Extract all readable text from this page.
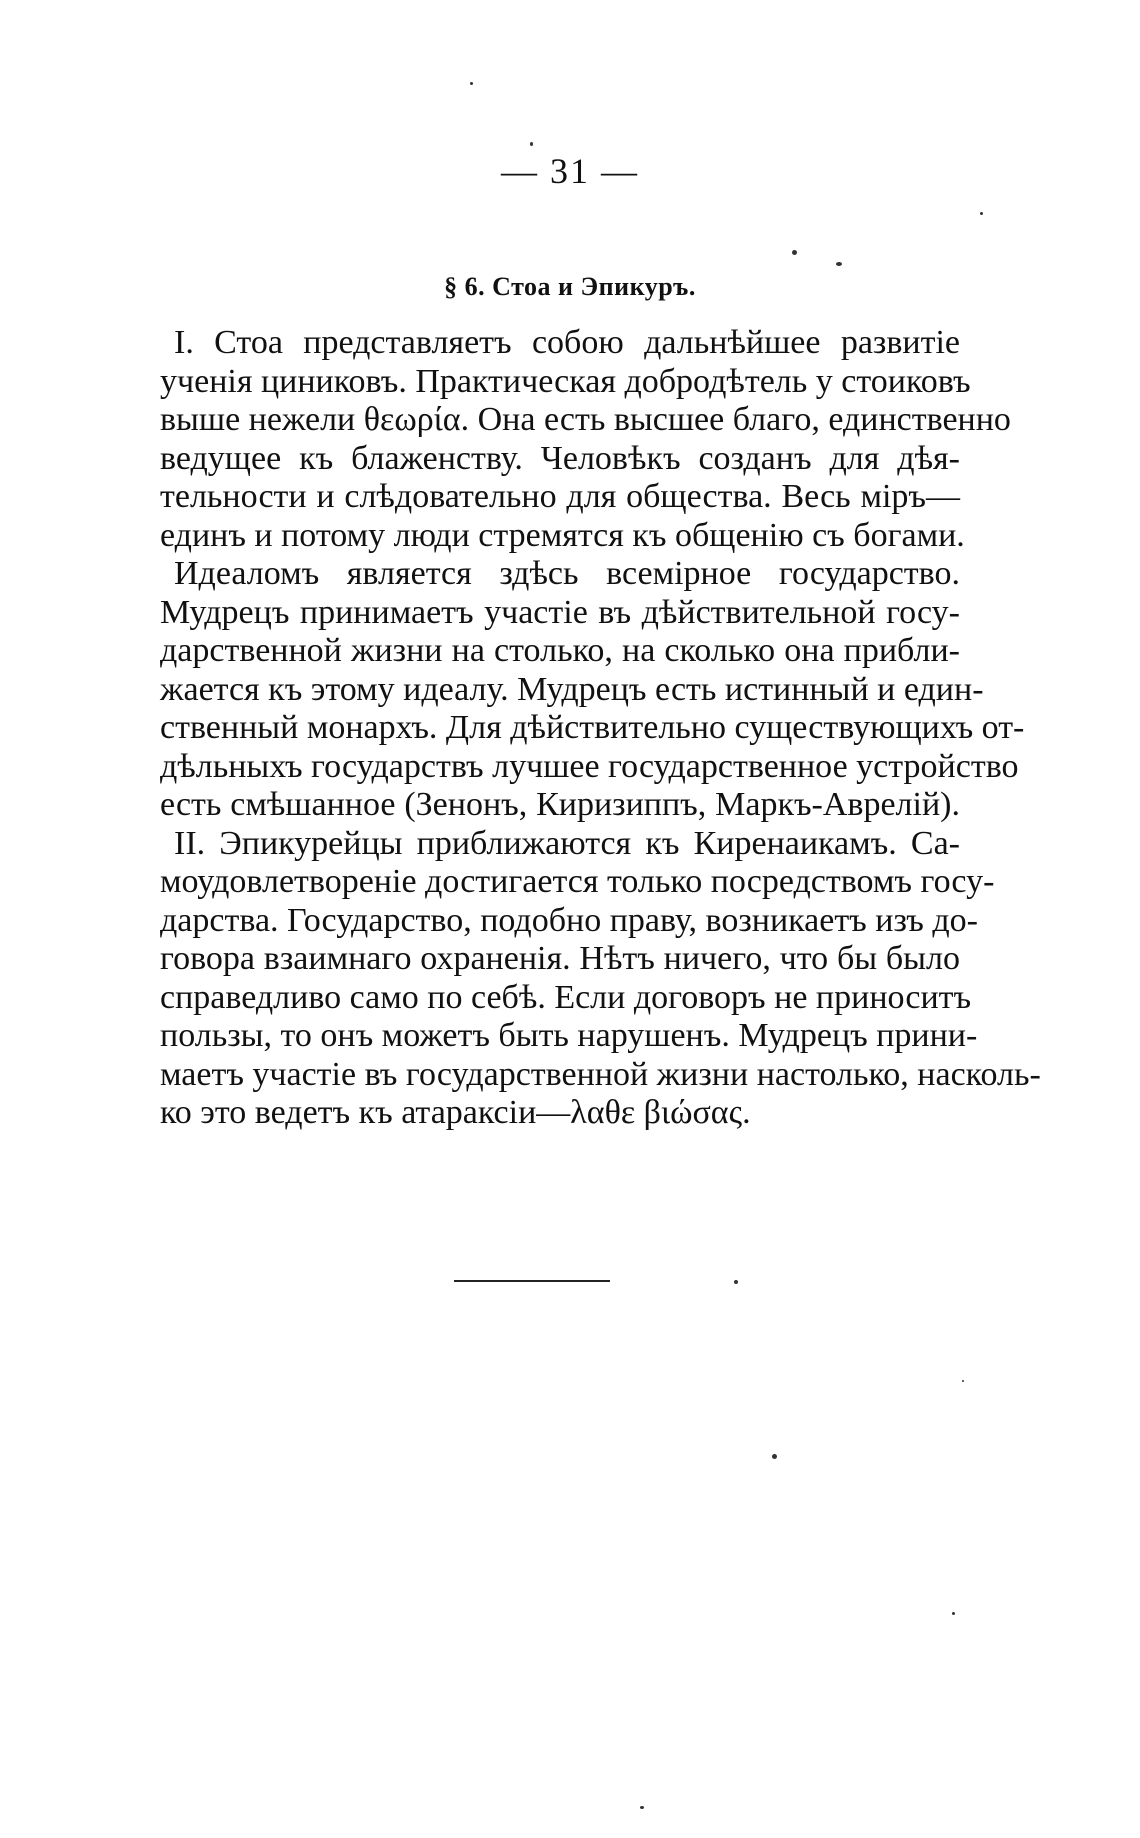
— 31 —
§ 6. Стоа и Эпикуръ.
I. Стоа представляетъ собою дальнѣйшее развитіе
ученія циниковъ. Практическая добродѣтель у стоиковъ
выше нежели θεωρία. Она есть высшее благо, единственно
ведущее къ блаженству. Человѣкъ созданъ для дѣя-
тельности и слѣдовательно для общества. Весь міръ—
единъ и потому люди стремятся къ общенію съ богами.
Идеаломъ является здѣсь всемірное государство.
Мудрецъ принимаетъ участіе въ дѣйствительной госу-
дарственной жизни на столько, на сколько она прибли-
жается къ этому идеалу. Мудрецъ есть истинный и един-
ственный монархъ. Для дѣйствительно существующихъ от-
дѣльныхъ государствъ лучшее государственное устройство
есть смѣшанное (Зенонъ, Киризиппъ, Маркъ-Аврелій).
II. Эпикурейцы приближаются къ Киренаикамъ. Са-
моудовлетвореніе достигается только посредствомъ госу-
дарства. Государство, подобно праву, возникаетъ изъ до-
говора взаимнаго охраненія. Нѣтъ ничего, что бы было
справедливо само по себѣ. Если договоръ не приноситъ
пользы, то онъ можетъ быть нарушенъ. Мудрецъ прини-
маетъ участіе въ государственной жизни настолько, насколь-
ко это ведетъ къ атараксіи—λαθε βιώσας.
